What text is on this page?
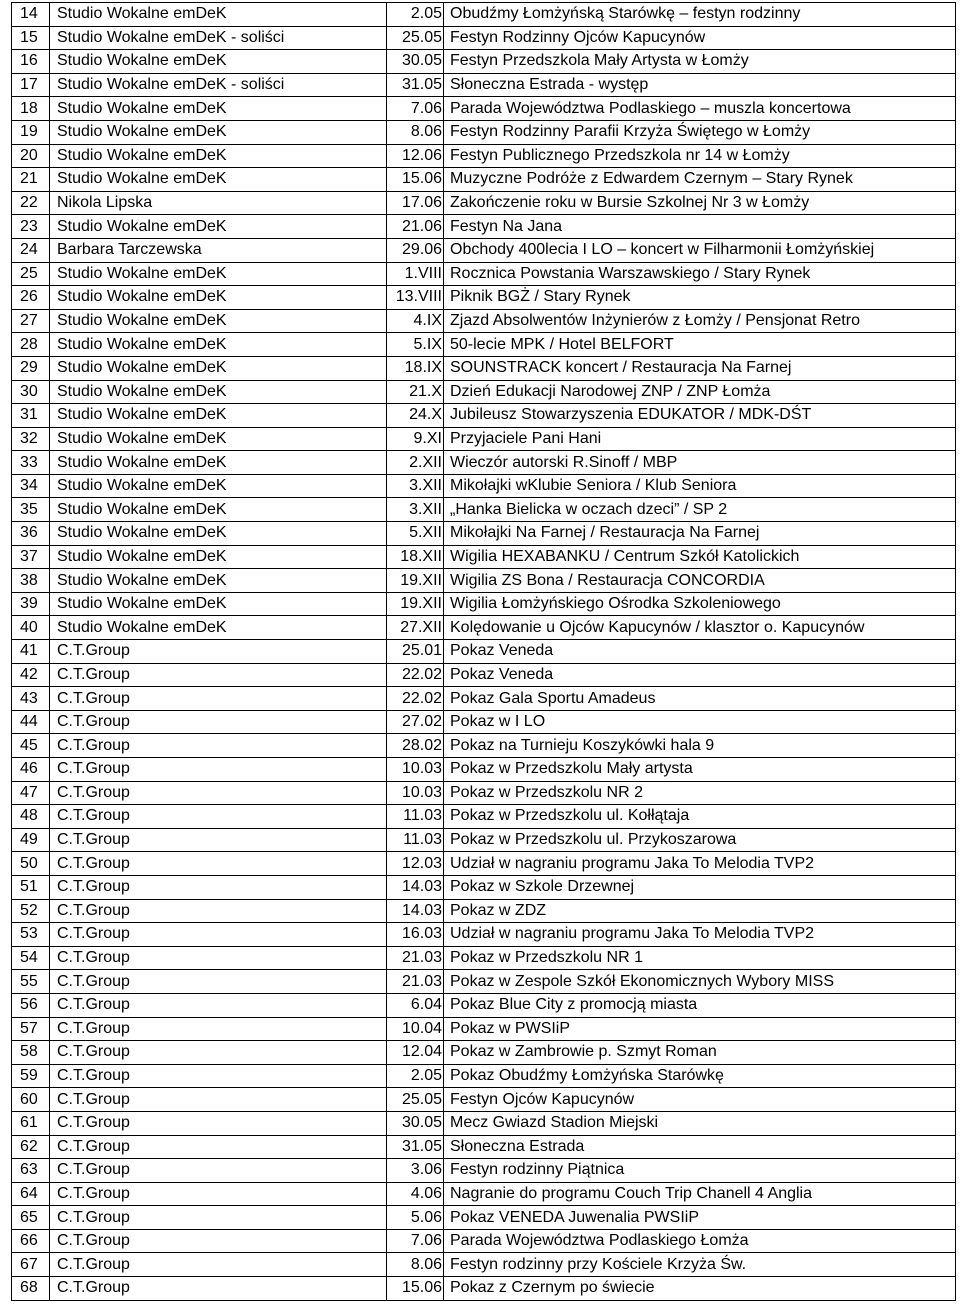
14	Studio Wokalne emDeK	2.05	Obudźmy Łomżyńską Starówkę – festyn rodzinny
15	Studio Wokalne emDeK - soliści	25.05	Festyn Rodzinny Ojców Kapucynów
16	Studio Wokalne emDeK	30.05	Festyn Przedszkola Mały Artysta w Łomży
17	Studio Wokalne emDeK - soliści	31.05	Słoneczna Estrada - występ
18	Studio Wokalne emDeK	7.06	Parada Województwa Podlaskiego – muszla koncertowa
19	Studio Wokalne emDeK	8.06	Festyn Rodzinny Parafii Krzyża Świętego w Łomży
20	Studio Wokalne emDeK	12.06	Festyn Publicznego Przedszkola nr 14 w Łomży
21	Studio Wokalne emDeK	15.06	Muzyczne Podróże z Edwardem Czernym – Stary Rynek
22	Nikola Lipska	17.06	Zakończenie roku w Bursie Szkolnej Nr 3 w Łomży
23	Studio Wokalne emDeK	21.06	Festyn Na Jana
24	Barbara Tarczewska	29.06	Obchody 400lecia I LO – koncert w Filharmonii Łomżyńskiej
25	Studio Wokalne emDeK	1.VIII	Rocznica Powstania Warszawskiego / Stary Rynek
26	Studio Wokalne emDeK	13.VIII	Piknik BGŻ / Stary Rynek
27	Studio Wokalne emDeK	4.IX	Zjazd Absolwentów Inżynierów z Łomży / Pensjonat Retro
28	Studio Wokalne emDeK	5.IX	50-lecie MPK / Hotel BELFORT
29	Studio Wokalne emDeK	18.IX	SOUNSTRACK koncert / Restauracja Na Farnej
30	Studio Wokalne emDeK	21.X	Dzień Edukacji Narodowej ZNP / ZNP Łomża
31	Studio Wokalne emDeK	24.X	Jubileusz Stowarzyszenia EDUKATOR / MDK-DŚT
32	Studio Wokalne emDeK	9.XI	Przyjaciele Pani Hani
33	Studio Wokalne emDeK	2.XII	Wieczór autorski R.Sinoff / MBP
34	Studio Wokalne emDeK	3.XII	Mikołajki wKlubie Seniora / Klub Seniora
35	Studio Wokalne emDeK	3.XII	„Hanka Bielicka w oczach dzeci” / SP 2
36	Studio Wokalne emDeK	5.XII	Mikołajki Na Farnej / Restauracja Na Farnej
37	Studio Wokalne emDeK	18.XII	Wigilia HEXABANKU / Centrum Szkół Katolickich
38	Studio Wokalne emDeK	19.XII	Wigilia ZS Bona / Restauracja CONCORDIA
39	Studio Wokalne emDeK	19.XII	Wigilia Łomżyńskiego Ośrodka Szkoleniowego
40	Studio Wokalne emDeK	27.XII	Kolędowanie u Ojców Kapucynów / klasztor o. Kapucynów
41	C.T.Group	25.01	Pokaz Veneda
42	C.T.Group	22.02	Pokaz Veneda
43	C.T.Group	22.02	Pokaz Gala Sportu Amadeus
44	C.T.Group	27.02	Pokaz w I LO
45	C.T.Group	28.02	Pokaz na Turnieju Koszykówki hala 9
46	C.T.Group	10.03	Pokaz w Przedszkolu Mały artysta
47	C.T.Group	10.03	Pokaz w Przedszkolu NR 2
48	C.T.Group	11.03	Pokaz w Przedszkolu ul. Kołłątaja
49	C.T.Group	11.03	Pokaz w Przedszkolu ul. Przykoszarowa
50	C.T.Group	12.03	Udział w nagraniu programu Jaka To Melodia TVP2
51	C.T.Group	14.03	Pokaz w Szkole Drzewnej
52	C.T.Group	14.03	Pokaz w ZDZ
53	C.T.Group	16.03	Udział w nagraniu programu Jaka To Melodia TVP2
54	C.T.Group	21.03	Pokaz w Przedszkolu NR 1
55	C.T.Group	21.03	Pokaz w Zespole Szkół Ekonomicznych Wybory MISS
56	C.T.Group	6.04	Pokaz Blue City z promocją miasta
57	C.T.Group	10.04	Pokaz w PWSIiP
58	C.T.Group	12.04	Pokaz w Zambrowie p. Szmyt Roman
59	C.T.Group	2.05	Pokaz Obudźmy Łomżyńska Starówkę
60	C.T.Group	25.05	Festyn Ojców Kapucynów
61	C.T.Group	30.05	Mecz Gwiazd Stadion Miejski
62	C.T.Group	31.05	Słoneczna Estrada
63	C.T.Group	3.06	Festyn rodzinny Piątnica
64	C.T.Group	4.06	Nagranie do programu Couch Trip Chanell 4 Anglia
65	C.T.Group	5.06	Pokaz VENEDA Juwenalia PWSIiP
66	C.T.Group	7.06	Parada Województwa Podlaskiego Łomża
67	C.T.Group	8.06	Festyn rodzinny przy Kościele Krzyża Św.
68	C.T.Group	15.06	Pokaz z Czernym po świecie
